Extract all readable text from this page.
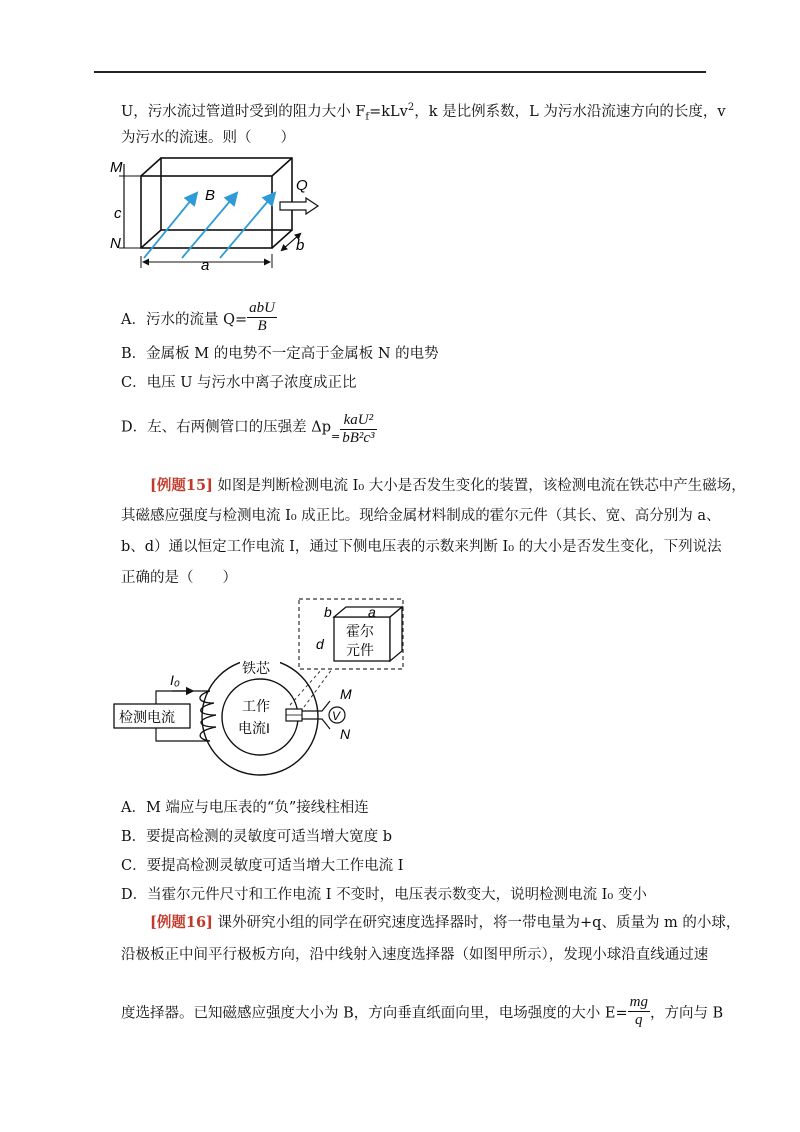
U，污水流过管道时受到的阻力大小 $F_f=kLv^2$，k 是比例系数，L 为污水沿流速方向的长度，v
为污水的流速。则（　　）
M
c
N
B
Q
a
b
A．污水的流量 $Q= \frac{\text{abU}}{B}$
B．金属板 M 的电势不一定高于金属板 N 的电势
C．电压 U 与污水中离子浓度成正比
D．左、右两侧管口的压强差 $\Delta p_= \frac{\text{kaU²}}{\text{bB²c³}}$
[例题15] 如图是判断检测电流 I₀ 大小是否发生变化的装置，该检测电流在铁芯中产生磁场，
其磁感应强度与检测电流 I₀ 成正比。现给金属材料制成的霍尔元件（其长、宽、高分别为 a、
b、d）通以恒定工作电流 I，通过下侧电压表的示数来判断 I₀ 的大小是否发生变化，下列说法
正确的是（　　）
b	a
d
霍尔
元件
铁芯
工作
电流I
检测电流
I₀
V
M
N
A．M 端应与电压表的“负”接线柱相连
B．要提高检测的灵敏度可适当增大宽度 b
C．要提高检测灵敏度可适当增大工作电流 I
D．当霍尔元件尺寸和工作电流 I 不变时，电压表示数变大，说明检测电流 I₀ 变小
[例题16] 课外研究小组的同学在研究速度选择器时，将一带电量为+q、质量为 m 的小球，
沿极板正中间平行极板方向，沿中线射入速度选择器（如图甲所示），发现小球沿直线通过速
度选择器。已知磁感应强度大小为 B，方向垂直纸面向里，电场强度的大小 $E= \frac{mg}{q}$ ，方向与 B
